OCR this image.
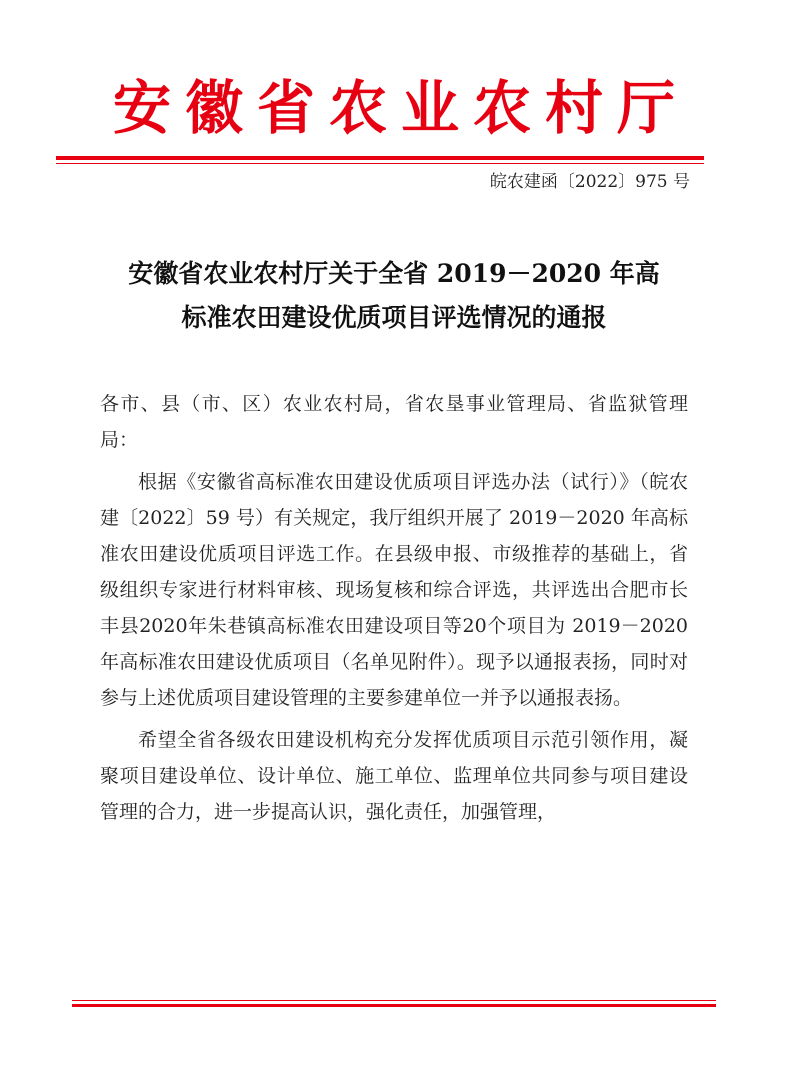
安徽省农业农村厅
皖农建函〔2022〕975 号
安徽省农业农村厅关于全省 2019－2020 年高
标准农田建设优质项目评选情况的通报

各市、县（市、区）农业农村局，省农垦事业管理局、省监狱管理局：

根据《安徽省高标准农田建设优质项目评选办法（试行）》（皖农建〔2022〕59 号）有关规定，我厅组织开展了 2019－2020 年高标准农田建设优质项目评选工作。在县级申报、市级推荐的基础上，省级组织专家进行材料审核、现场复核和综合评选，共评选出合肥市长丰县2020年朱巷镇高标准农田建设项目等20个项目为 2019－2020 年高标准农田建设优质项目（名单见附件）。现予以通报表扬，同时对参与上述优质项目建设管理的主要参建单位一并予以通报表扬。

希望全省各级农田建设机构充分发挥优质项目示范引领作用，凝聚项目建设单位、设计单位、施工单位、监理单位共同参与项目建设管理的合力，进一步提高认识，强化责任，加强管理，
